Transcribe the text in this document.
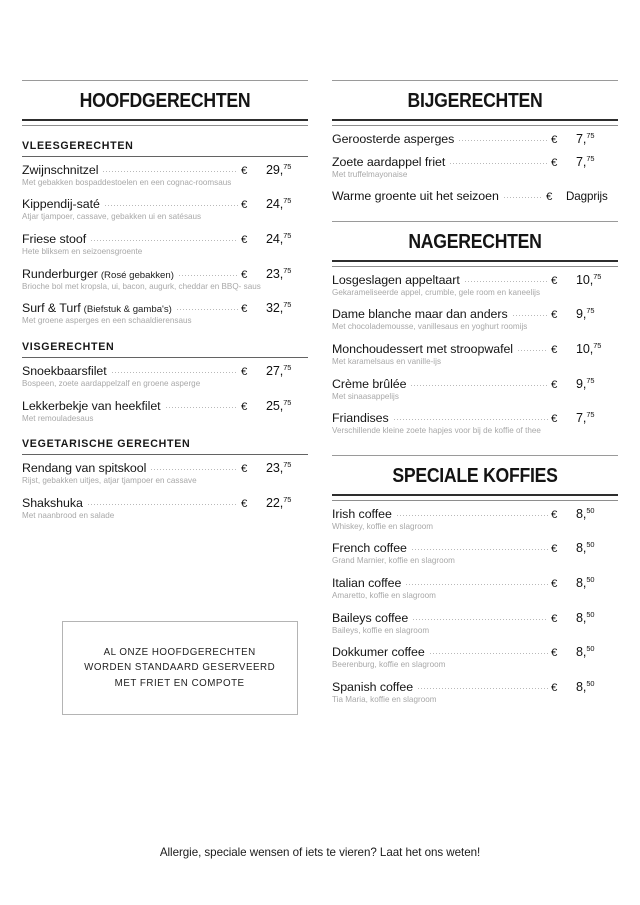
HOOFDGERECHTEN
VLEESGERECHTEN
Zwijnschnitzel	€	29,75
Met gebakken bospaddestoelen en een cognac-roomsaus
Kippendij-saté	€	24,75
Atjar tjampoer, cassave, gebakken ui en satésaus
Friese stoof	€	24,75
Hete bliksem en seizoensgroente
Runderburger (Rosé gebakken)	€	23,75
Brioche bol met kropsla, ui, bacon, augurk, cheddar en BBQ- saus
Surf & Turf (Biefstuk & gamba's)	€	32,75
Met groene asperges en een schaaldierensaus
VISGERECHTEN
Snoekbaarsfilet	€	27,75
Bospeen, zoete aardappelzalf en groene asperge
Lekkerbekje van heekfilet	€	25,75
Met remouladesaus
VEGETARISCHE GERECHTEN
Rendang van spitskool	€	23,75
Rijst, gebakken uitjes, atjar tjampoer en cassave
Shakshuka	€	22,75
Met naanbrood en salade
BIJGERECHTEN
Geroosterde asperges	€	7,75
Zoete aardappel friet	€	7,75
Met truffelmayonaise
Warme groente uit het seizoen	€	Dagprijs
NAGERECHTEN
Losgeslagen appeltaart	€	10,75
Gekarameliseerde appel, crumble, gele room en kaneelijs
Dame blanche maar dan anders	€	9,75
Met chocolademousse, vanillesaus en yoghurt roomijs
Monchoudessert met stroopwafel	€	10,75
Met karamelsaus en vanille-ijs
Crème brûlée	€	9,75
Met sinaasappelijs
Friandises	€	7,75
Verschillende kleine zoete hapjes voor bij de koffie of thee
SPECIALE KOFFIES
Irish coffee	€	8,50
Whiskey, koffie en slagroom
French coffee	€	8,50
Grand Marnier, koffie en slagroom
Italian coffee	€	8,50
Amaretto, koffie en slagroom
Baileys coffee	€	8,50
Baileys, koffie en slagroom
Dokkumer coffee	€	8,50
Beerenburg, koffie en slagroom
Spanish coffee	€	8,50
Tia Maria, koffie en slagroom
AL ONZE HOOFDGERECHTEN
WORDEN STANDAARD GESERVEERD
MET FRIET EN COMPOTE
Allergie, speciale wensen of iets te vieren? Laat het ons weten!
